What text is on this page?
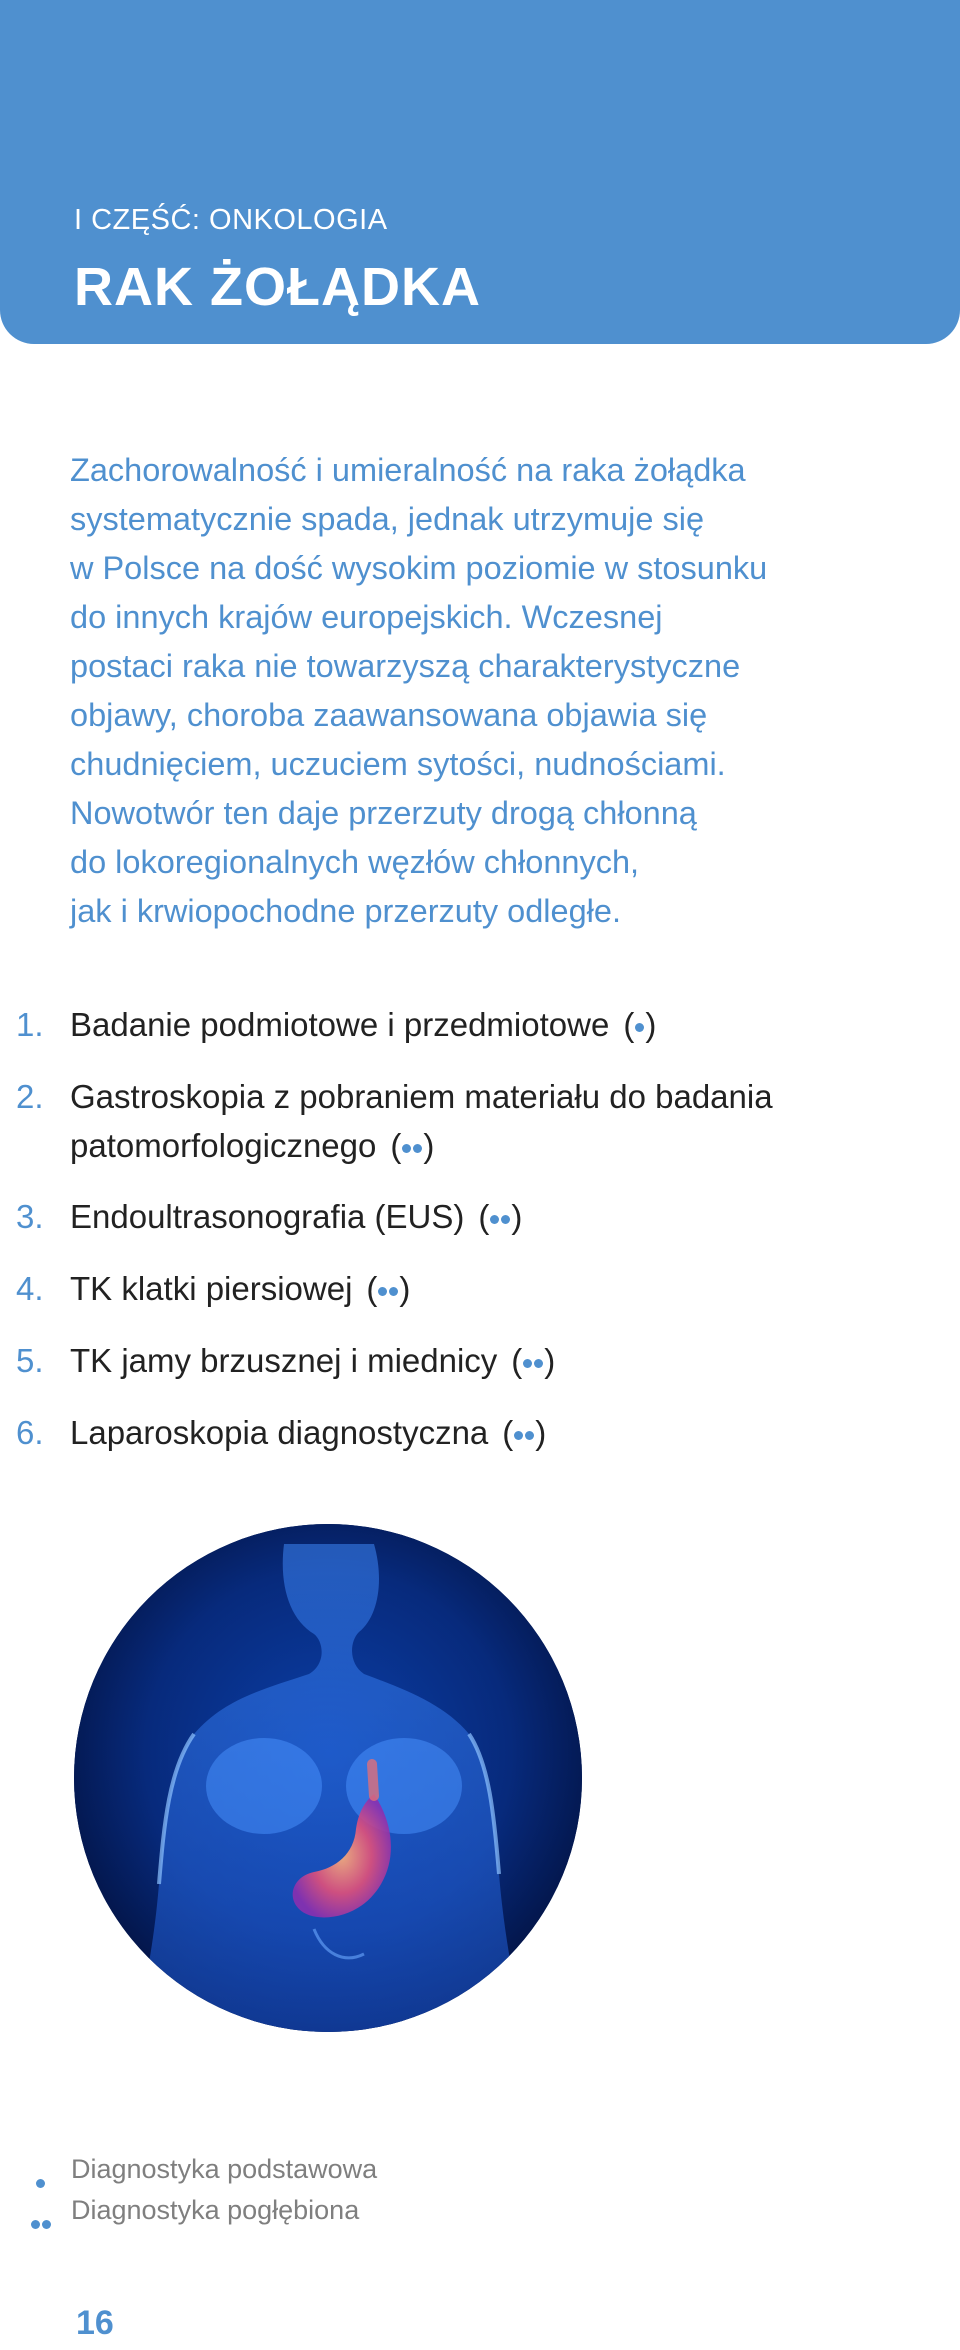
I CZĘŚĆ: ONKOLOGIA
RAK ŻOŁĄDKA
Zachorowalność i umieralność na raka żołądka
systematycznie spada, jednak utrzymuje się
w Polsce na dość wysokim poziomie w stosunku
do innych krajów europejskich. Wczesnej
postaci raka nie towarzyszą charakterystyczne
objawy, choroba zaawansowana objawia się
chudnięciem, uczuciem sytości, nudnościami.
Nowotwór ten daje przerzuty drogą chłonną
do lokoregionalnych węzłów chłonnych,
jak i krwiopochodne przerzuty odległe.
1. Badanie podmiotowe i przedmiotowe ( )
2. Gastroskopia z pobraniem materiału do badania
patomorfologicznego ( )
3. Endoultrasonografia (EUS) ( )
4. TK klatki piersiowej ( )
5. TK jamy brzusznej i miednicy ( )
6. Laparoskopia diagnostyczna ( )
Diagnostyka podstawowa
Diagnostyka pogłębiona
16
